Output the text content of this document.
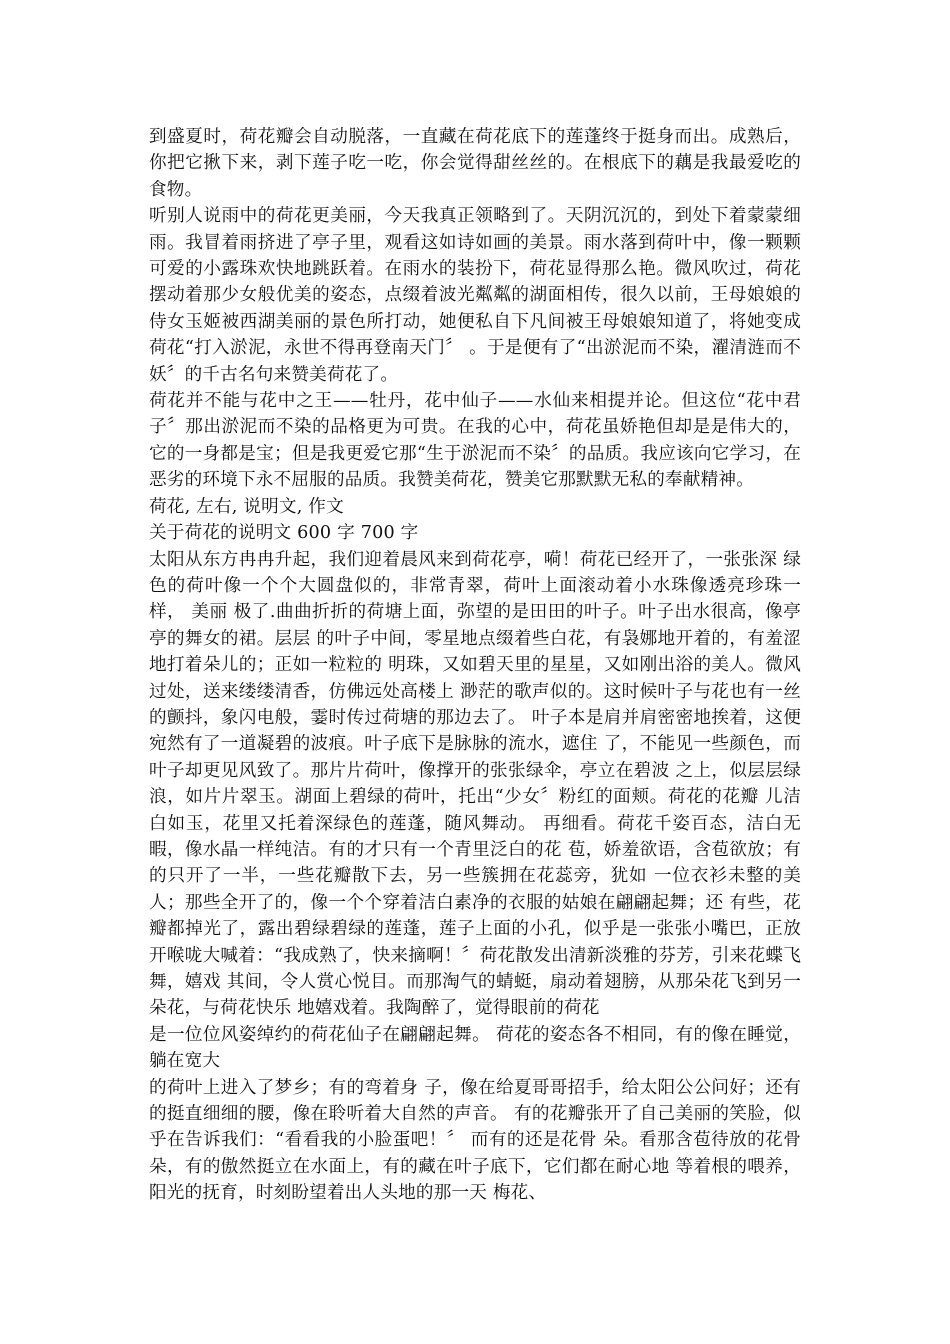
到盛夏时，荷花瓣会自动脱落，一直藏在荷花底下的莲蓬终于挺身而出。成熟后，你把它揪下来，剥下莲子吃一吃，你会觉得甜丝丝的。在根底下的藕是我最爱吃的食物。

听别人说雨中的荷花更美丽，今天我真正领略到了。天阴沉沉的，到处下着蒙蒙细雨。我冒着雨挤进了亭子里，观看这如诗如画的美景。雨水落到荷叶中，像一颗颗可爱的小露珠欢快地跳跃着。在雨水的装扮下，荷花显得那么艳。微风吹过，荷花摆动着那少女般优美的姿态，点缀着波光粼粼的湖面相传，很久以前，王母娘娘的侍女玉姬被西湖美丽的景色所打动，她便私自下凡间被王母娘娘知道了，将她变成荷花“打入淤泥，永世不得再登南天门〞 。于是便有了“出淤泥而不染，濯清涟而不妖〞的千古名句来赞美荷花了。

荷花并不能与花中之王——牡丹，花中仙子——水仙来相提并论。但这位“花中君子〞那出淤泥而不染的品格更为可贵。在我的心中，荷花虽娇艳但却是是伟大的，它的一身都是宝；但是我更爱它那“生于淤泥而不染〞的品质。我应该向它学习，在恶劣的环境下永不屈服的品质。我赞美荷花，赞美它那默默无私的奉献精神。

荷花, 左右, 说明文, 作文

关于荷花的说明文 600 字 700 字

太阳从东方冉冉升起，我们迎着晨风来到荷花亭，嗬！荷花已经开了，一张张深 绿色的荷叶像一个个大圆盘似的，非常青翠，荷叶上面滚动着小水珠像透亮珍珠一样， 美丽 极了.曲曲折折的荷塘上面，弥望的是田田的叶子。叶子出水很高，像亭亭的舞女的裙。层层 的叶子中间，零星地点缀着些白花，有袅娜地开着的，有羞涩地打着朵儿的；正如一粒粒的 明珠，又如碧天里的星星，又如刚出浴的美人。微风过处，送来缕缕清香，仿佛远处高楼上 渺茫的歌声似的。这时候叶子与花也有一丝的颤抖，象闪电般，霎时传过荷塘的那边去了。 叶子本是肩并肩密密地挨着，这便宛然有了一道凝碧的波痕。叶子底下是脉脉的流水，遮住 了，不能见一些颜色，而叶子却更见风致了。那片片荷叶，像撑开的张张绿伞，亭立在碧波 之上，似层层绿浪，如片片翠玉。湖面上碧绿的荷叶，托出“少女〞粉红的面颊。荷花的花瓣 儿洁白如玉，花里又托着深绿色的莲蓬，随风舞动。 再细看。荷花千姿百态，洁白无暇，像水晶一样纯洁。有的才只有一个青里泛白的花 苞，娇羞欲语，含苞欲放；有的只开了一半，一些花瓣散下去，另一些簇拥在花蕊旁，犹如 一位衣衫未整的美人；那些全开了的，像一个个穿着洁白素净的衣服的姑娘在翩翩起舞；还 有些，花瓣都掉光了，露出碧绿碧绿的莲蓬，莲子上面的小孔，似乎是一张张小嘴巴，正放 开喉咙大喊着：“我成熟了，快来摘啊！〞荷花散发出清新淡雅的芬芳，引来花蝶飞舞，嬉戏 其间，令人赏心悦目。而那淘气的蜻蜓，扇动着翅膀，从那朵花飞到另一朵花，与荷花快乐 地嬉戏着。我陶醉了，觉得眼前的荷花

是一位位风姿绰约的荷花仙子在翩翩起舞。 荷花的姿态各不相同，有的像在睡觉，躺在宽大

的荷叶上进入了梦乡；有的弯着身 子，像在给夏哥哥招手，给太阳公公问好；还有的挺直细细的腰，像在聆听着大自然的声音。 有的花瓣张开了自己美丽的笑脸，似乎在告诉我们：“看看我的小脸蛋吧！〞 而有的还是花骨 朵。看那含苞待放的花骨朵，有的傲然挺立在水面上，有的藏在叶子底下，它们都在耐心地 等着根的喂养，阳光的抚育，时刻盼望着出人头地的那一天 梅花、
